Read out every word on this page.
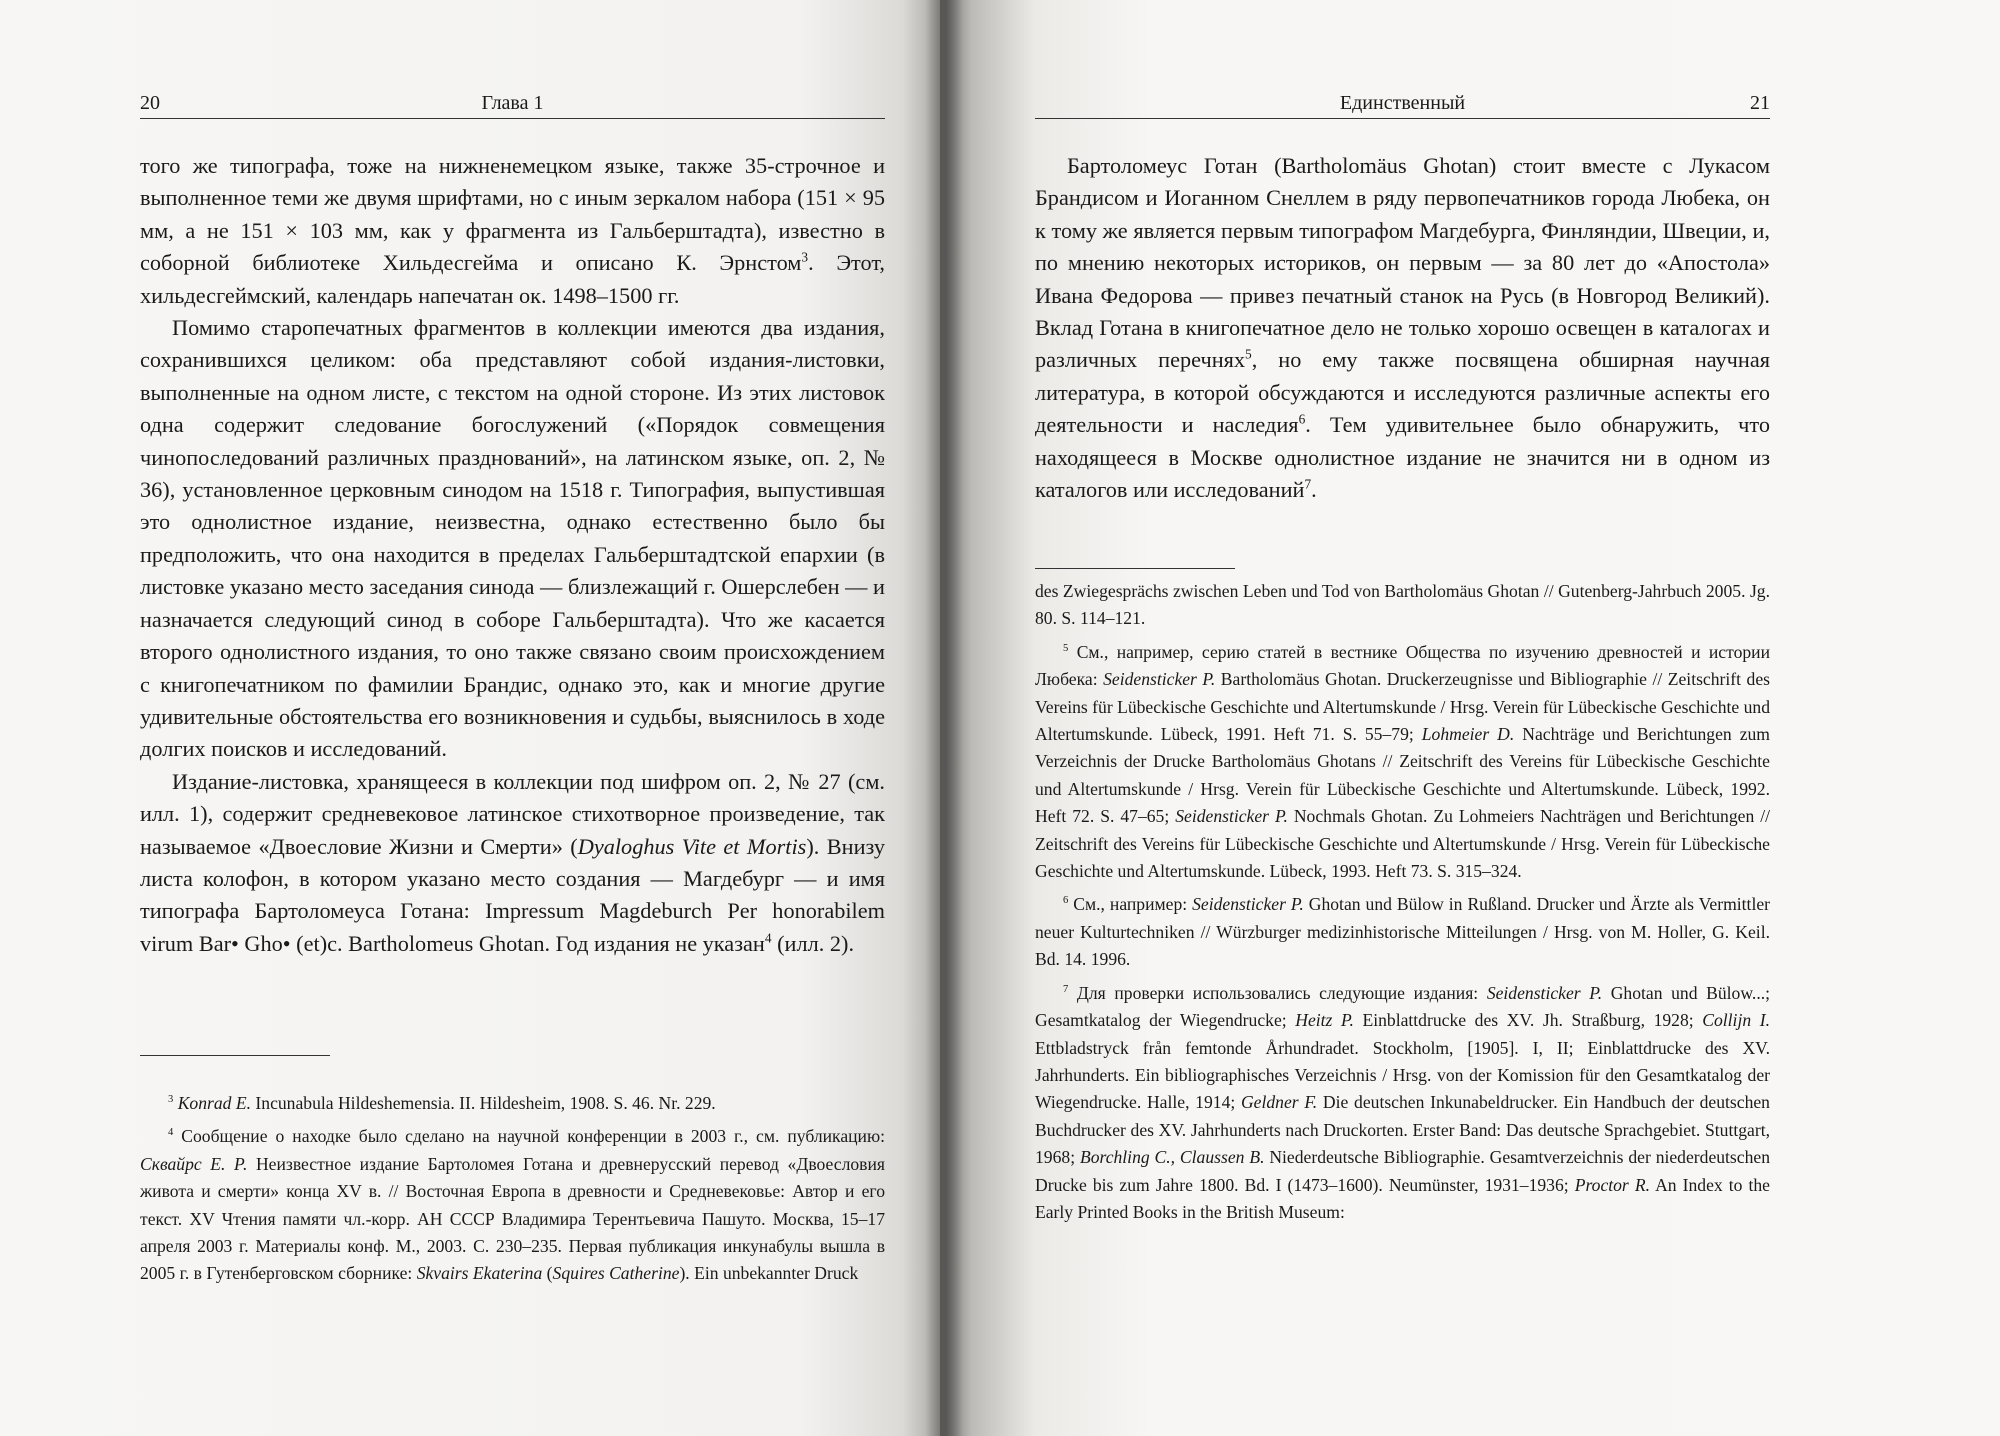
20	Глава 1

того же типографа, тоже на нижненемецком языке, также 35-строчное и выполненное теми же двумя шрифтами, но с иным зеркалом набора (151 × 95 мм, а не 151 × 103 мм, как у фрагмента из Гальберштадта), известно в соборной библиотеке Хильдесгейма и описано К. Эрнстом$^3$. Этот, хильдесгеймский, календарь напечатан ок. 1498–1500 гг.

Помимо старопечатных фрагментов в коллекции имеются два издания, сохранившихся целиком: оба представляют собой издания-листовки, выполненные на одном листе, с текстом на одной стороне. Из этих листовок одна содержит следование богослужений («Порядок совмещения чинопоследований различных празднований», на латинском языке, оп. 2, № 36), установленное церковным синодом на 1518 г. Типография, выпустившая это однолистное издание, неизвестна, однако естественно было бы предположить, что она находится в пределах Гальберштадтской епархии (в листовке указано место заседания синода — близлежащий г. Ошерслебен — и назначается следующий синод в соборе Гальберштадта). Что же касается второго однолистного издания, то оно также связано своим происхождением с книгопечатником по фамилии Брандис, однако это, как и многие другие удивительные обстоятельства его возникновения и судьбы, выяснилось в ходе долгих поисков и исследований.

Издание-листовка, хранящееся в коллекции под шифром оп. 2, № 27 (см. илл. 1), содержит средневековое латинское стихотворное произведение, так называемое «Двоесловие Жизни и Смерти» (Dyaloghus Vite et Mortis). Внизу листа колофон, в котором указано место создания — Магдебург — и имя типографа Бартоломеуса Готана: Impressum Magdeburch Per honorabilem virum Bar• Gho• (et)c. Bartholomeus Ghotan. Год издания не указан$^4$ (илл. 2).

$^3$ Konrad E. Incunabula Hildeshemensia. II. Hildesheim, 1908. S. 46. Nr. 229.

$^4$ Сообщение о находке было сделано на научной конференции в 2003 г., см. публикацию: Сквайрс Е. Р. Неизвестное издание Бартоломея Готана и древнерусский перевод «Двоесловия живота и смерти» конца XV в. // Восточная Европа в древности и Средневековье: Автор и его текст. XV Чтения памяти чл.-корр. АН СССР Владимира Терентьевича Пашуто. Москва, 15–17 апреля 2003 г. Материалы конф. М., 2003. С. 230–235. Первая публикация инкунабулы вышла в 2005 г. в Гутенберговском сборнике: Skvairs Ekaterina (Squires Catherine). Ein unbekannter Druck

Единственный	21

Бартоломеус Готан (Bartholomäus Ghotan) стоит вместе с Лукасом Брандисом и Иоганном Снеллем в ряду первопечатников города Любека, он к тому же является первым типографом Магдебурга, Финляндии, Швеции, и, по мнению некоторых историков, он первым — за 80 лет до «Апостола» Ивана Федорова — привез печатный станок на Русь (в Новгород Великий). Вклад Готана в книгопечатное дело не только хорошо освещен в каталогах и различных перечнях$^5$, но ему также посвящена обширная научная литература, в которой обсуждаются и исследуются различные аспекты его деятельности и наследия$^6$. Тем удивительнее было обнаружить, что находящееся в Москве однолистное издание не значится ни в одном из каталогов или исследований$^7$.

des Zwiegesprächs zwischen Leben und Tod von Bartholomäus Ghotan // Gutenberg-Jahrbuch 2005. Jg. 80. S. 114–121.

$^5$ См., например, серию статей в вестнике Общества по изучению древностей и истории Любека: Seidensticker P. Bartholomäus Ghotan. Druckerzeugnisse und Bibliographie // Zeitschrift des Vereins für Lübeckische Geschichte und Altertumskunde / Hrsg. Verein für Lübeckische Geschichte und Altertumskunde. Lübeck, 1991. Heft 71. S. 55–79; Lohmeier D. Nachträge und Berichtungen zum Verzeichnis der Drucke Bartholomäus Ghotans // Zeitschrift des Vereins für Lübeckische Geschichte und Altertumskunde / Hrsg. Verein für Lübeckische Geschichte und Altertumskunde. Lübeck, 1992. Heft 72. S. 47–65; Seidensticker P. Nochmals Ghotan. Zu Lohmeiers Nachträgen und Berichtungen // Zeitschrift des Vereins für Lübeckische Geschichte und Altertumskunde / Hrsg. Verein für Lübeckische Geschichte und Altertumskunde. Lübeck, 1993. Heft 73. S. 315–324.

$^6$ См., например: Seidensticker P. Ghotan und Bülow in Rußland. Drucker und Ärzte als Vermittler neuer Kulturtechniken // Würzburger medizinhistorische Mitteilungen / Hrsg. von M. Holler, G. Keil. Bd. 14. 1996.

$^7$ Для проверки использовались следующие издания: Seidensticker P. Ghotan und Bülow...; Gesamtkatalog der Wiegendrucke; Heitz P. Einblattdrucke des XV. Jh. Straßburg, 1928; Collijn I. Ettbladstryck från femtonde Århundradet. Stockholm, [1905]. I, II; Einblattdrucke des XV. Jahrhunderts. Ein bibliographisches Verzeichnis / Hrsg. von der Komission für den Gesamtkatalog der Wiegendrucke. Halle, 1914; Geldner F. Die deutschen Inkunabeldrucker. Ein Handbuch der deutschen Buchdrucker des XV. Jahrhunderts nach Druckorten. Erster Band: Das deutsche Sprachgebiet. Stuttgart, 1968; Borchling C., Claussen B. Niederdeutsche Bibliographie. Gesamtverzeichnis der niederdeutschen Drucke bis zum Jahre 1800. Bd. I (1473–1600). Neumünster, 1931–1936; Proctor R. An Index to the Early Printed Books in the British Museum:
